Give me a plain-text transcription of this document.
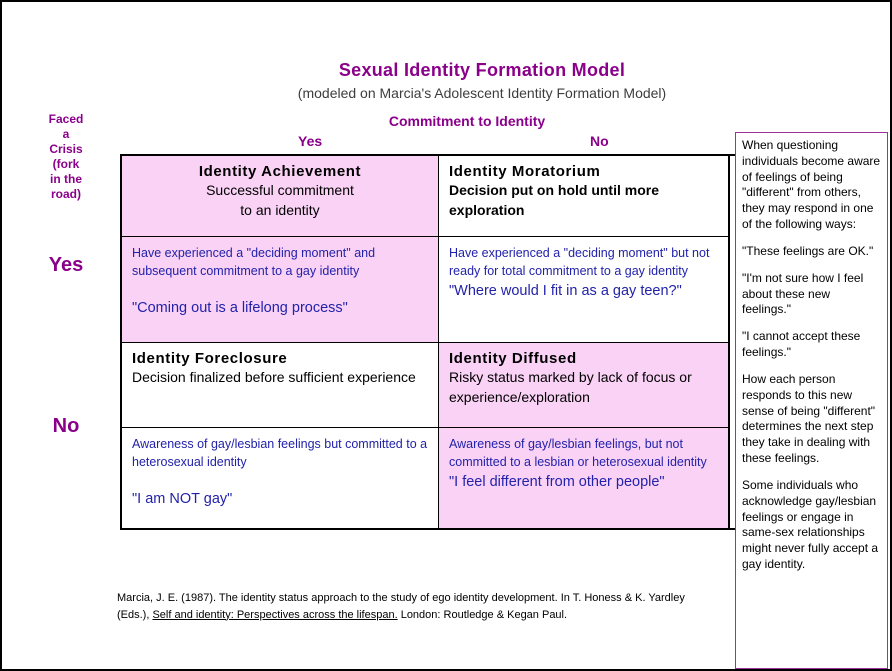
Sexual Identity Formation Model
(modeled on Marcia's Adolescent Identity Formation Model)
Commitment to Identity
Yes	No
Faced
a
Crisis
(fork
in the
road)
Yes
No
Identity Achievement
Successful commitment
to an identity
Identity Moratorium
Decision put on hold until more exploration
Have experienced a "deciding moment" and subsequent commitment to a gay identity
"Coming out is a lifelong process"
Have experienced a "deciding moment" but not ready for total commitment to a gay identity
"Where would I fit in as a gay teen?"
Identity Foreclosure
Decision finalized before sufficient experience
Identity Diffused
Risky status marked by lack of focus or experience/exploration
Awareness of gay/lesbian feelings but committed to a heterosexual identity
"I am NOT gay"
Awareness of gay/lesbian feelings, but not committed to a lesbian or heterosexual identity
"I feel different from other people"
Marcia, J. E. (1987). The identity status approach to the study of ego identity development. In T. Honess & K. Yardley
(Eds.), Self and identity: Perspectives across the lifespan. London: Routledge & Kegan Paul.

When questioning individuals become aware of feelings of being "different" from others, they may respond in one of the following ways:

"These feelings are OK."

"I'm not sure how I feel about these new feelings."

"I cannot accept these feelings."

How each person responds to this new sense of being "different" determines the next step they take in dealing with these feelings.

Some individuals who acknowledge gay/lesbian feelings or engage in same-sex relationships might never fully accept a gay identity.
